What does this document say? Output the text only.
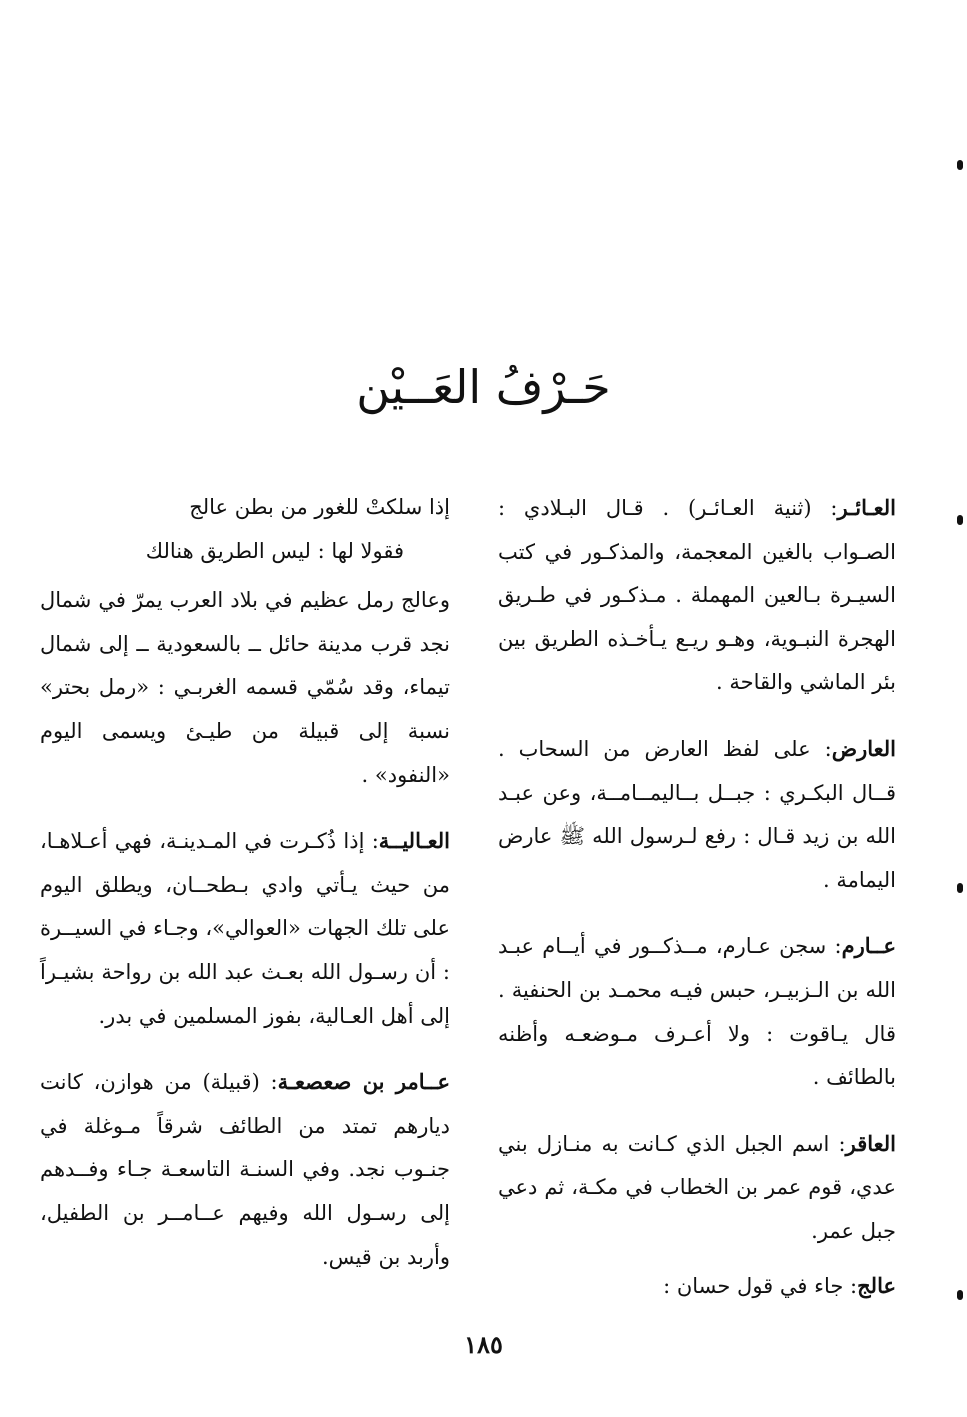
حَـرْفُ العَــيْن

العـائـر: (ثنية العـائـر) . قـال البـلادي : الصـواب بالغين المعجمة، والمذكـور في كتب السيـرة بـالعين المهملة . مـذكـور في طـريق الهجرة النبـوية، وهـو ريـع يـأخـذه الطريق بين بئر الماشي والقاحة .

العارض: على لفظ العارض من السحاب . قــال البكـري : جبــل بــاليمــامــة، وعن عبـد الله بن زيد قـال : رفع لـرسول الله ﷺ عارض اليمامة .

عــارم: سجن عـارم، مــذكــور في أيــام عبـد الله بن الـزبيـر، حبس فيـه محمـد بن الحنفية . قال يـاقوت : ولا أعـرف مـوضعـه وأظنه بالطائف .

العاقر: اسم الجبل الذي كـانت به منـازل بني عدي، قوم عمر بن الخطاب في مكـة، ثم دعي جبل عمر.

عالج: جاء في قول حسان :

إذا سلكتْ للغور من بطن عالج

فقولا لها : ليس الطريق هنالك

وعالج رمل عظيم في بلاد العرب يمرّ في شمال نجد قرب مدينة حائل ــ بالسعودية ــ إلى شمال تيماء، وقد سُمّي قسمه الغربـي : «رمل بحتر» نسبة إلى قبيلة من طيـئ ويسمى اليوم «النفود» .

العـاليــة: إذا ذُكـرت في المـدينـة، فهي أعـلاهـا، من حيث يـأتي وادي بـطحــان، ويطلق اليوم على تلك الجهات «العوالي»، وجـاء في السيــرة : أن رسـول الله بعـث عبد الله بن رواحة بشيـراً إلى أهل العـالية، بفوز المسلمين في بدر.

عــامر بن صعصعـة: (قبيلة) من هوازن، كانت ديارهم تمتد من الطائف شرقاً مـوغلة في جنـوب نجد. وفي السنـة التاسعـة جـاء وفــدهم إلى رسـول الله وفيهم عــامــر بن الطفيل، وأربد بن قيس.

١٨٥
